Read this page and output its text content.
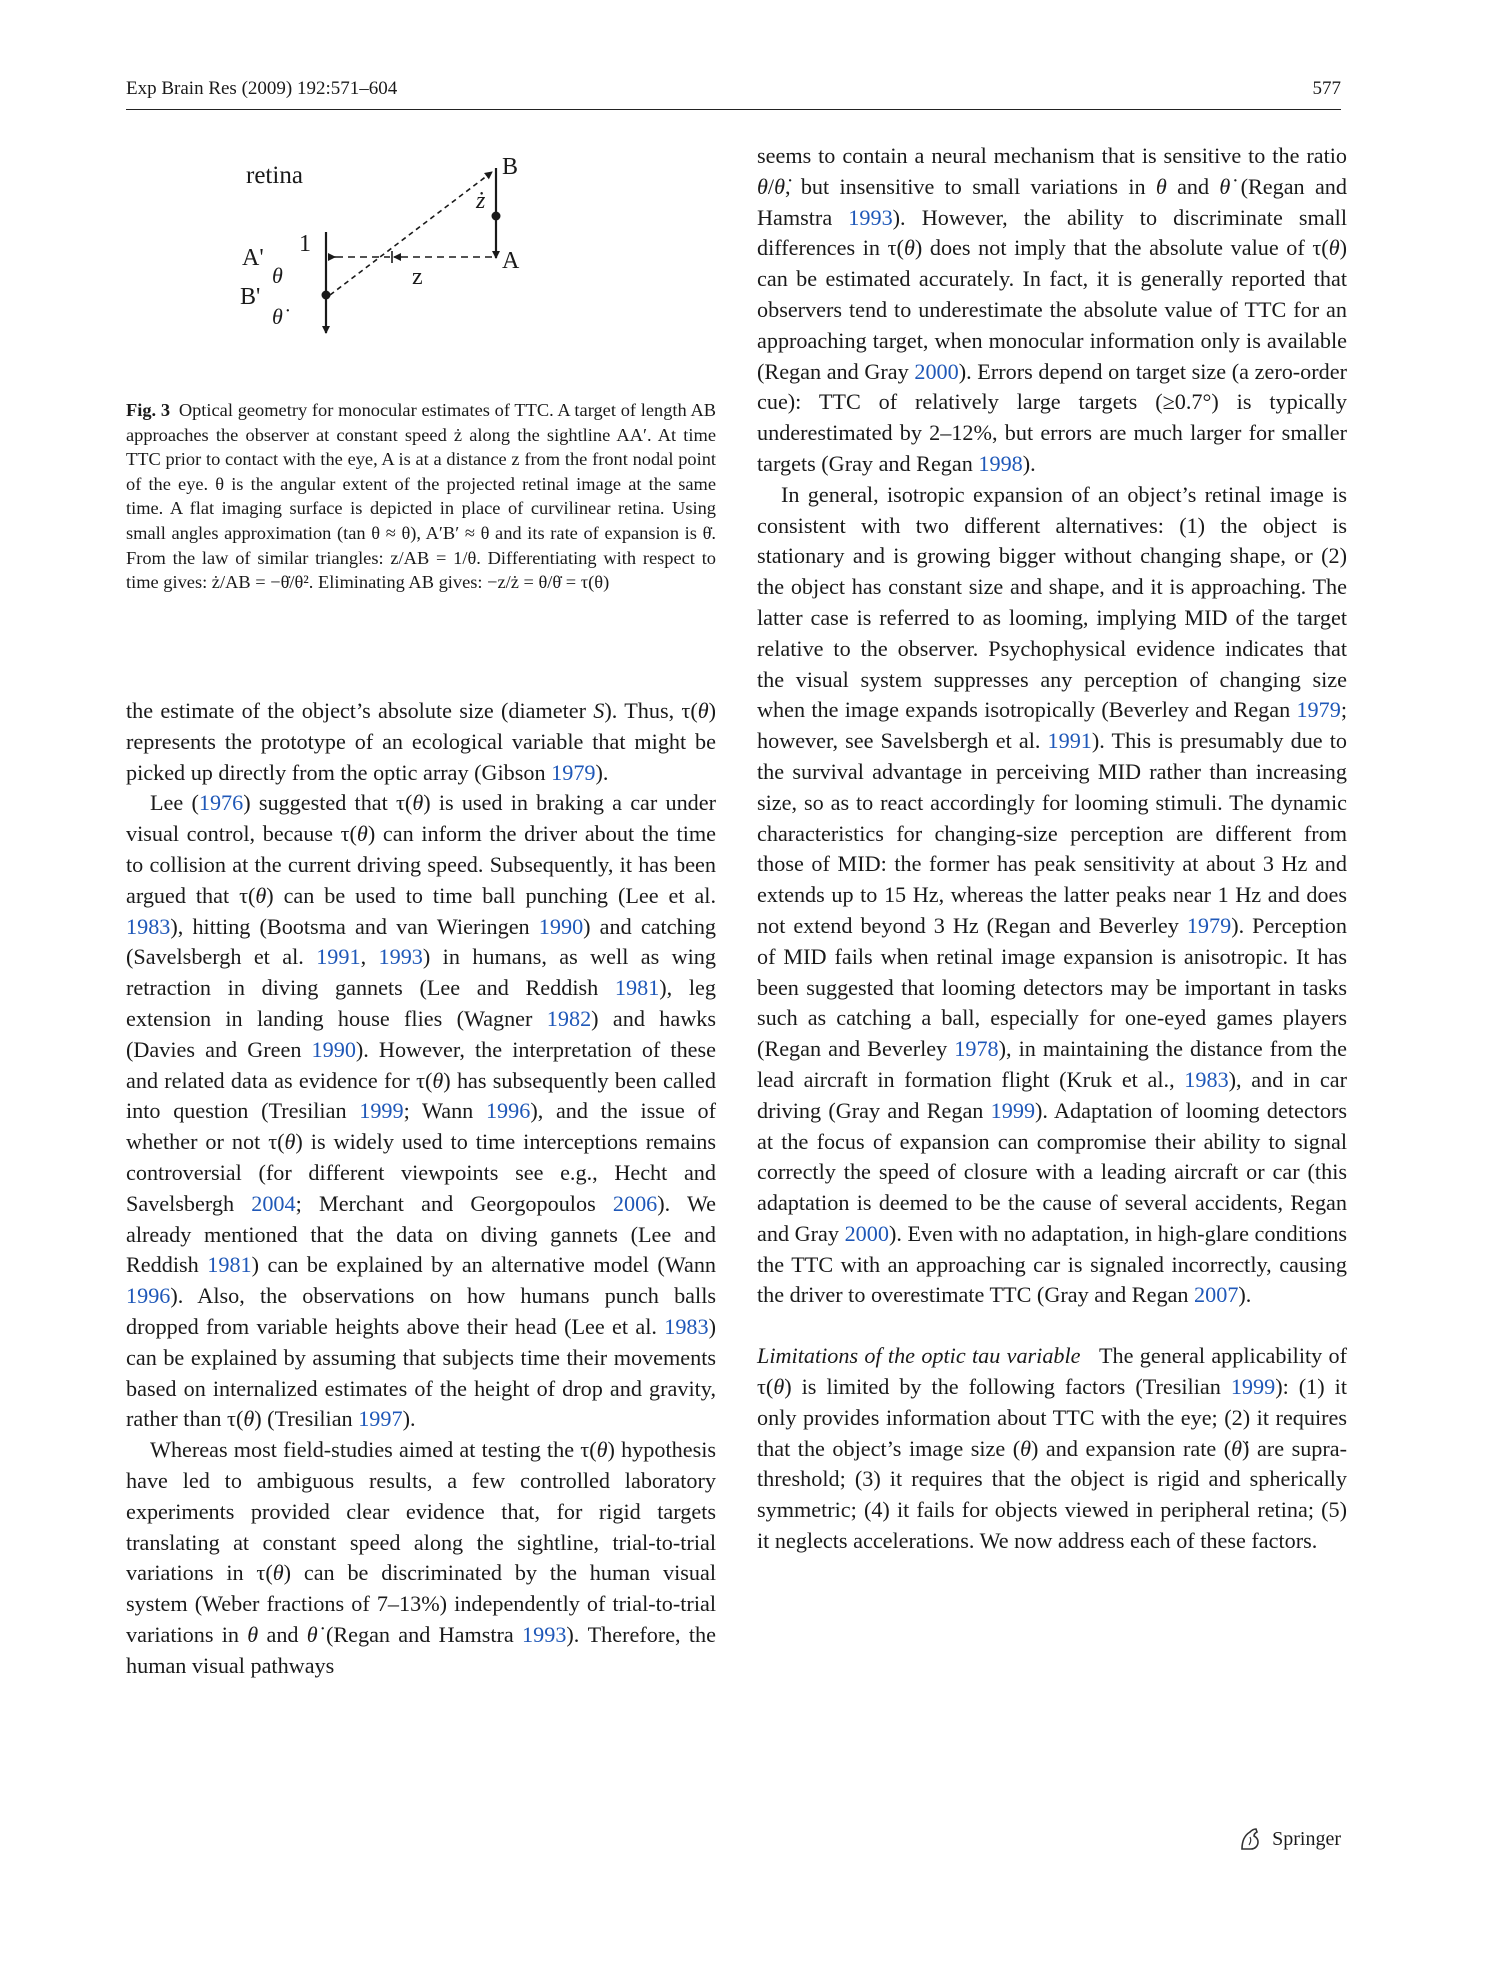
Exp Brain Res (2009) 192:571–604	577
B
A
A'
B'
1
z
ż
θ
θ̇
Fig. 3 Optical geometry for monocular estimates of TTC. A target of length AB approaches the observer at constant speed ż along the sightline AA′. At time TTC prior to contact with the eye, A is at a distance z from the front nodal point of the eye. θ is the angular extent of the projected retinal image at the same time. A flat imaging surface is depicted in place of curvilinear retina. Using small angles approximation (tan θ ≈ θ), A′B′ ≈ θ and its rate of expansion is θ̇. From the law of similar triangles: z/AB = 1/θ. Differentiating with respect to time gives: ż/AB = −θ̇/θ². Eliminating AB gives: −z/ż = θ/θ̇ = τ(θ)

the estimate of the object’s absolute size (diameter S). Thus, τ(θ) represents the prototype of an ecological variable that might be picked up directly from the optic array (Gibson 1979).

Lee (1976) suggested that τ(θ) is used in braking a car under visual control, because τ(θ) can inform the driver about the time to collision at the current driving speed. Subsequently, it has been argued that τ(θ) can be used to time ball punching (Lee et al. 1983), hitting (Bootsma and van Wieringen 1990) and catching (Savelsbergh et al. 1991, 1993) in humans, as well as wing retraction in diving gannets (Lee and Reddish 1981), leg extension in landing house flies (Wagner 1982) and hawks (Davies and Green 1990). However, the interpretation of these and related data as evidence for τ(θ) has subsequently been called into question (Tresilian 1999; Wann 1996), and the issue of whether or not τ(θ) is widely used to time interceptions remains controversial (for different viewpoints see e.g., Hecht and Savelsbergh 2004; Merchant and Georgopoulos 2006). We already mentioned that the data on diving gannets (Lee and Reddish 1981) can be explained by an alternative model (Wann 1996). Also, the observations on how humans punch balls dropped from variable heights above their head (Lee et al. 1983) can be explained by assuming that subjects time their movements based on internalized estimates of the height of drop and gravity, rather than τ(θ) (Tresilian 1997).

Whereas most field-studies aimed at testing the τ(θ) hypothesis have led to ambiguous results, a few controlled laboratory experiments provided clear evidence that, for rigid targets translating at constant speed along the sightline, trial-to-trial variations in τ(θ) can be discriminated by the human visual system (Weber fractions of 7–13%) independently of trial-to-trial variations in θ and θ̇ (Regan and Hamstra 1993). Therefore, the human visual pathways

seems to contain a neural mechanism that is sensitive to the ratio θ/θ̇, but insensitive to small variations in θ and θ̇ (Regan and Hamstra 1993). However, the ability to discriminate small differences in τ(θ) does not imply that the absolute value of τ(θ) can be estimated accurately. In fact, it is generally reported that observers tend to underestimate the absolute value of TTC for an approaching target, when monocular information only is available (Regan and Gray 2000). Errors depend on target size (a zero-order cue): TTC of relatively large targets (≥0.7°) is typically underestimated by 2–12%, but errors are much larger for smaller targets (Gray and Regan 1998).

In general, isotropic expansion of an object’s retinal image is consistent with two different alternatives: (1) the object is stationary and is growing bigger without changing shape, or (2) the object has constant size and shape, and it is approaching. The latter case is referred to as looming, implying MID of the target relative to the observer. Psychophysical evidence indicates that the visual system suppresses any perception of changing size when the image expands isotropically (Beverley and Regan 1979; however, see Savelsbergh et al. 1991). This is presumably due to the survival advantage in perceiving MID rather than increasing size, so as to react accordingly for looming stimuli. The dynamic characteristics for changing-size perception are different from those of MID: the former has peak sensitivity at about 3 Hz and extends up to 15 Hz, whereas the latter peaks near 1 Hz and does not extend beyond 3 Hz (Regan and Beverley 1979). Perception of MID fails when retinal image expansion is anisotropic. It has been suggested that looming detectors may be important in tasks such as catching a ball, especially for one-eyed games players (Regan and Beverley 1978), in maintaining the distance from the lead aircraft in formation flight (Kruk et al., 1983), and in car driving (Gray and Regan 1999). Adaptation of looming detectors at the focus of expansion can compromise their ability to signal correctly the speed of closure with a leading aircraft or car (this adaptation is deemed to be the cause of several accidents, Regan and Gray 2000). Even with no adaptation, in high-glare conditions the TTC with an approaching car is signaled incorrectly, causing the driver to overestimate TTC (Gray and Regan 2007).

Limitations of the optic tau variable   The general applicability of τ(θ) is limited by the following factors (Tresilian 1999): (1) it only provides information about TTC with the eye; (2) it requires that the object’s image size (θ) and expansion rate (θ̇) are supra-threshold; (3) it requires that the object is rigid and spherically symmetric; (4) it fails for objects viewed in peripheral retina; (5) it neglects accelerations. We now address each of these factors.

Springer
retina
